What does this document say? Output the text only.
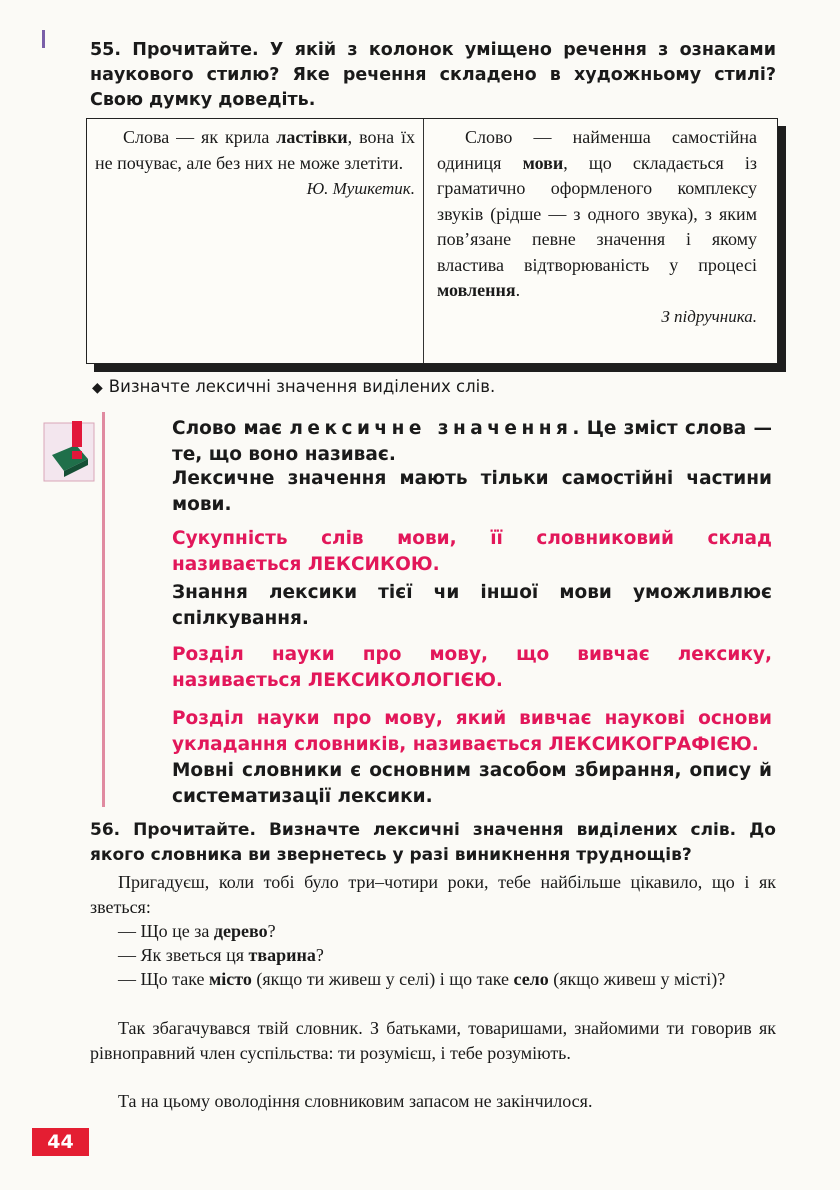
55. Прочитайте. У якій з колонок уміщено речення з ознаками наукового стилю? Яке речення складено в художньому стилі? Свою думку доведіть.
Слова — як крила ластівки, вона їх не почуває, але без них не може злетіти.
Ю. Мушкетик.
Слово — найменша самостійна одиниця мови, що складається із граматично оформленого комплексу звуків (рідше — з одного звука), з яким пов’язане певне значення і якому властива відтворюваність у процесі мовлення.
З підручника.
◆ Визначте лексичні значення виділених слів.
Слово має лексичне значення. Це зміст слова — те, що воно називає.
Лексичне значення мають тільки самостійні частини мови.
Сукупність слів мови, її словниковий склад називається ЛЕКСИКОЮ.
Знання лексики тієї чи іншої мови уможливлює спілкування.
Розділ науки про мову, що вивчає лексику, називається ЛЕКСИКОЛОГІЄЮ.
Розділ науки про мову, який вивчає наукові основи укладання словників, називається ЛЕКСИКОГРАФІЄЮ.
Мовні словники є основним засобом збирання, опису й систематизації лексики.
56. Прочитайте. Визначте лексичні значення виділених слів. До якого словника ви звернетесь у разі виникнення труднощів?
Пригадуєш, коли тобі було три–чотири роки, тебе найбільше цікавило, що і як зветься:
— Що це за дерево?
— Як зветься ця тварина?
— Що таке місто (якщо ти живеш у селі) і що таке село (якщо живеш у місті)?
Так збагачувався твій словник. З батьками, товаришами, знайомими ти говорив як рівноправний член суспільства: ти розумієш, і тебе розуміють.
Та на цьому оволодіння словниковим запасом не закінчилося.
44
